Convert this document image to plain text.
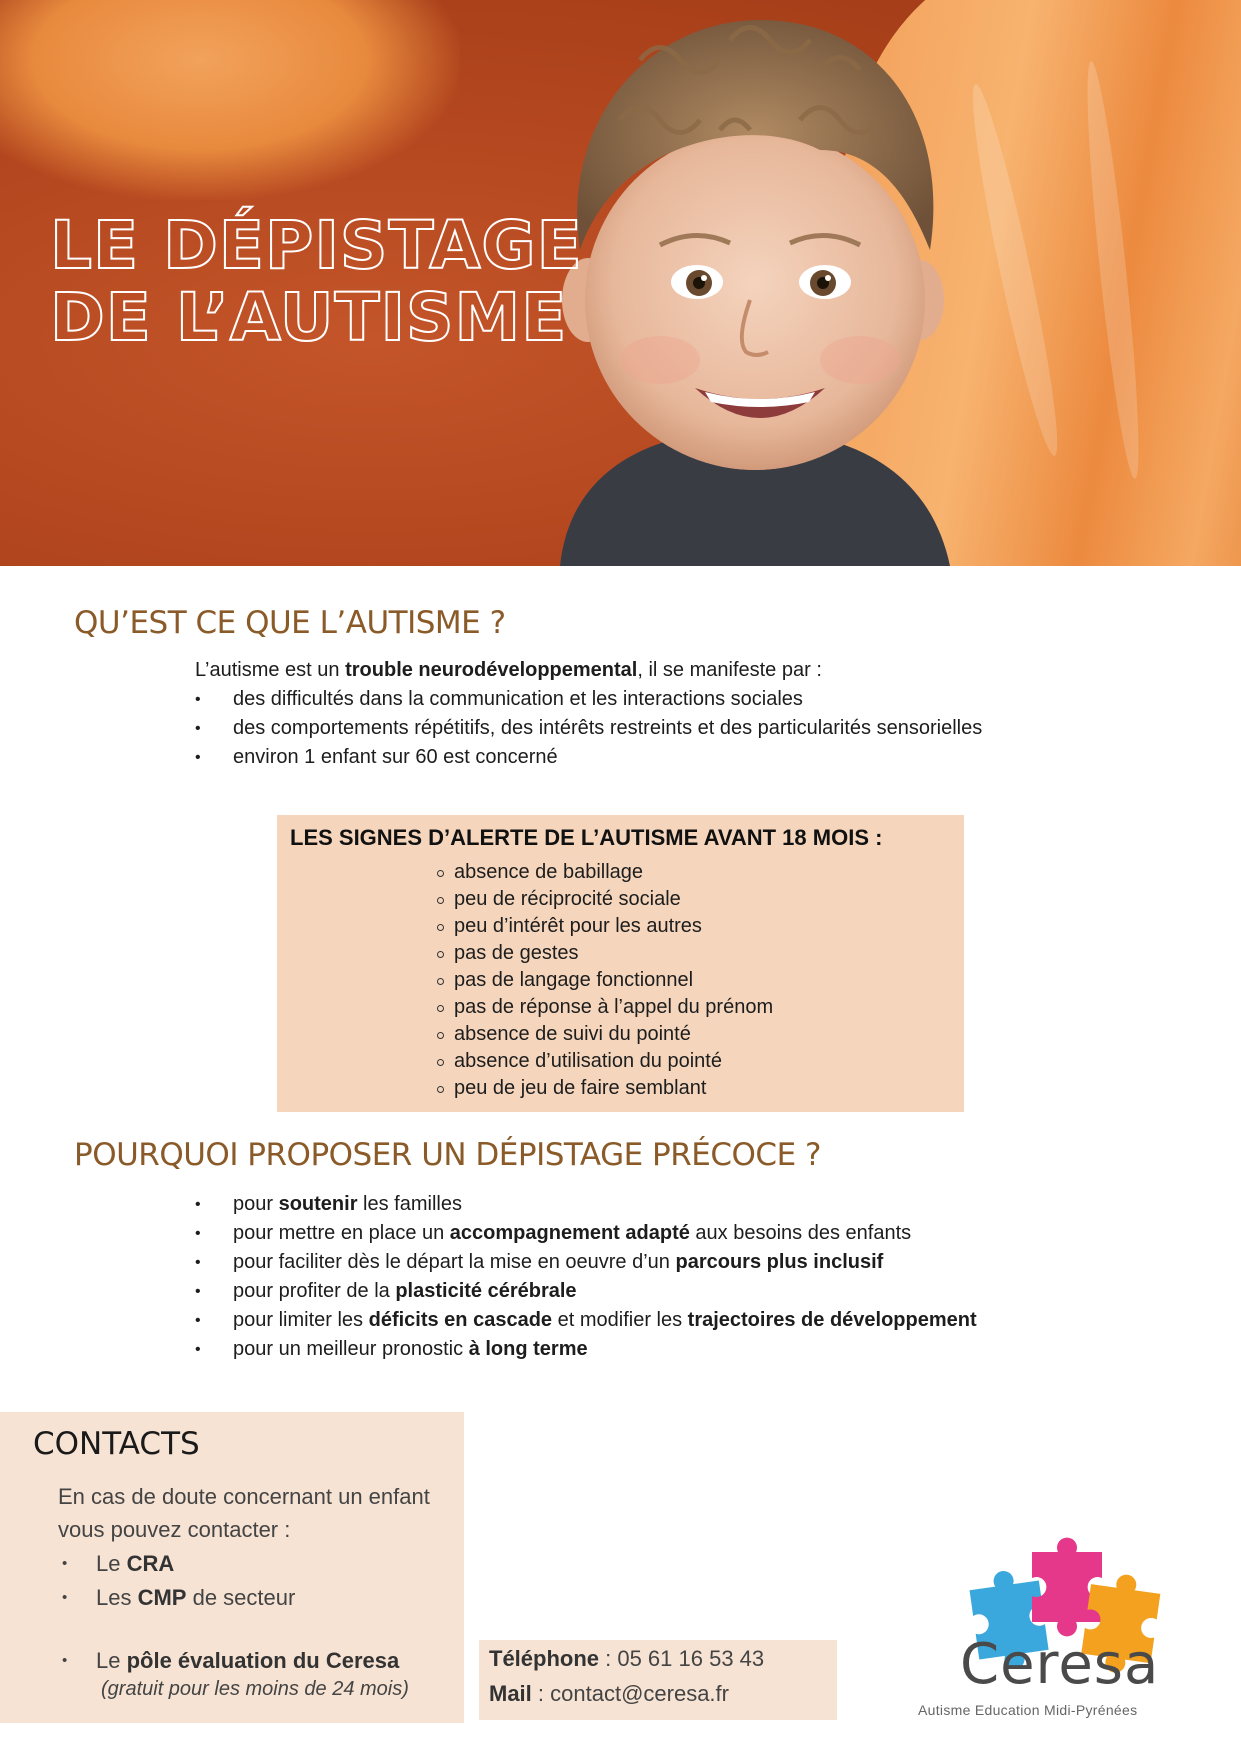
LE DÉPISTAGE
DE L’AUTISME
QU’EST CE QUE L’AUTISME ?

L’autisme est un trouble neurodéveloppemental, il se manifeste par :

• des difficultés dans la communication et les interactions sociales
• des comportements répétitifs, des intérêts restreints et des particularités sensorielles
• environ 1 enfant sur 60 est concerné
LES SIGNES D’ALERTE DE L’AUTISME AVANT 18 MOIS :
absence de babillage
peu de réciprocité sociale
peu d’intérêt pour les autres
pas de gestes
pas de langage fonctionnel
pas de réponse à l’appel du prénom
absence de suivi du pointé
absence d’utilisation du pointé
peu de jeu de faire semblant
POURQUOI PROPOSER UN DÉPISTAGE PRÉCOCE ?
• pour soutenir les familles
• pour mettre en place un accompagnement adapté aux besoins des enfants
• pour faciliter dès le départ la mise en oeuvre d’un parcours plus inclusif
• pour profiter de la plasticité cérébrale
• pour limiter les déficits en cascade et modifier les trajectoires de développement
• pour un meilleur pronostic à long terme
CONTACTS

En cas de doute concernant un enfant
vous pouvez contacter :

• Le CRA
• Les CMP de secteur
• Le pôle évaluation du Ceresa

(gratuit pour les moins de 24 mois)

Téléphone : 05 61 16 53 43

Mail : contact@ceresa.fr	Ceresa

Autisme Education Midi-Pyrénées
